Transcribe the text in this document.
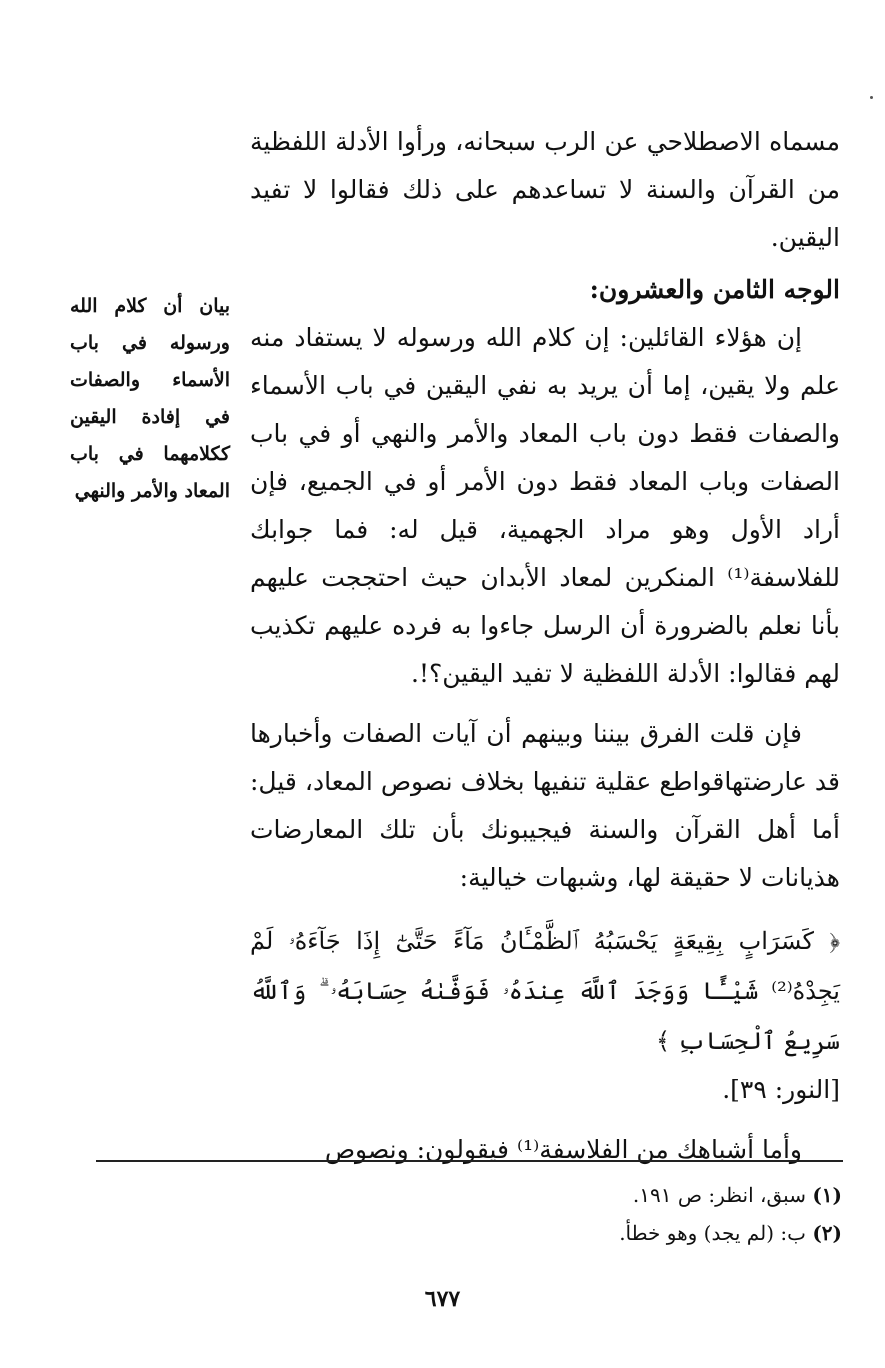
مسماه الاصطلاحي عن الرب سبحانه، ورأوا الأدلة اللفظية من القرآن والسنة لا تساعدهم على ذلك فقالوا لا تفيد اليقين.

الوجه الثامن والعشرون:

إن هؤلاء القائلين: إن كلام الله ورسوله لا يستفاد منه علم ولا يقين، إما أن يريد به نفي اليقين في باب الأسماء والصفات فقط دون باب المعاد والأمر والنهي أو في باب الصفات وباب المعاد فقط دون الأمر أو في الجميع، فإن أراد الأول وهو مراد الجهمية، قيل له: فما جوابك للفلاسفة⁽¹⁾ المنكرين لمعاد الأبدان حيث احتججت عليهم بأنا نعلم بالضرورة أن الرسل جاءوا به فرده عليهم تكذيب لهم فقالوا: الأدلة اللفظية لا تفيد اليقين؟!.

فإن قلت الفرق بيننا وبينهم أن آيات الصفات وأخبارها قد عارضتهاقواطع عقلية تنفيها بخلاف نصوص المعاد، قيل: أما أهل القرآن والسنة فيجيبونك بأن تلك المعارضات هذيانات لا حقيقة لها، وشبهات خيالية:

﴿ كَسَرَابٍ بِقِيعَةٍ يَحْسَبُهُ ٱلظَّمْـَٔانُ مَآءً حَتَّىٰٓ إِذَا جَآءَهُۥ لَمْ يَجِدْهُ⁽²⁾ شَيْـًٔا وَوَجَدَ ٱللَّهَ عِندَهُۥ فَوَفَّىٰهُ حِسَابَهُۥ ۗ وَٱللَّهُ سَرِيعُ ٱلْحِسَابِ ﴾

[النور: ٣٩].

وأما أشباهك من الفلاسفة⁽¹⁾ فيقولون: ونصوص

بيان أن كلام الله ورسوله في باب الأسماء والصفات في إفادة اليقين ككلامهما في باب المعاد والأمر والنهي
(١) سبق، انظر: ص ١٩١.
(٢) ب: (لم يجد) وهو خطأ.
٦٧٧
